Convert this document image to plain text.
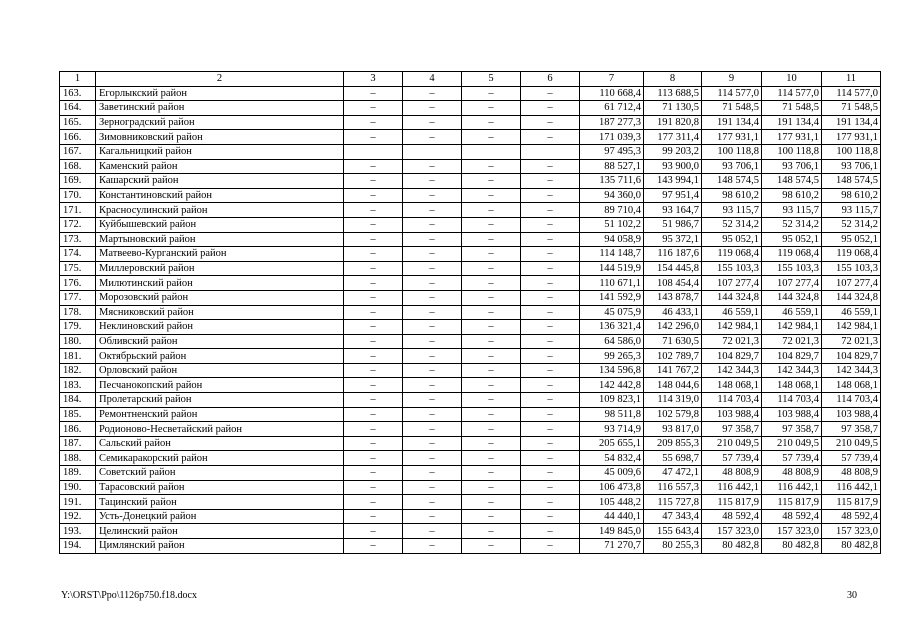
1	2	3	4	5	6	7	8	9	10	11
163.	Егорлыкский район	–	–	–	–	110 668,4	113 688,5	114 577,0	114 577,0	114 577,0
164.	Заветинский район	–	–	–	–	61 712,4	71 130,5	71 548,5	71 548,5	71 548,5
165.	Зерноградский район	–	–	–	–	187 277,3	191 820,8	191 134,4	191 134,4	191 134,4
166.	Зимовниковский район	–	–	–	–	171 039,3	177 311,4	177 931,1	177 931,1	177 931,1
167.	Кагальницкий район					97 495,3	99 203,2	100 118,8	100 118,8	100 118,8
168.	Каменский район	–	–	–	–	88 527,1	93 900,0	93 706,1	93 706,1	93 706,1
169.	Кашарский район	–	–	–	–	135 711,6	143 994,1	148 574,5	148 574,5	148 574,5
170.	Константиновский район	–	–	–	–	94 360,0	97 951,4	98 610,2	98 610,2	98 610,2
171.	Красносулинский район	–	–	–	–	89 710,4	93 164,7	93 115,7	93 115,7	93 115,7
172.	Куйбышевский район	–	–	–	–	51 102,2	51 986,7	52 314,2	52 314,2	52 314,2
173.	Мартыновский район	–	–	–	–	94 058,9	95 372,1	95 052,1	95 052,1	95 052,1
174.	Матвеево-Курганский район	–	–	–	–	114 148,7	116 187,6	119 068,4	119 068,4	119 068,4
175.	Миллеровский район	–	–	–	–	144 519,9	154 445,8	155 103,3	155 103,3	155 103,3
176.	Милютинский район	–	–	–	–	110 671,1	108 454,4	107 277,4	107 277,4	107 277,4
177.	Морозовский район	–	–	–	–	141 592,9	143 878,7	144 324,8	144 324,8	144 324,8
178.	Мясниковский район	–	–	–	–	45 075,9	46 433,1	46 559,1	46 559,1	46 559,1
179.	Неклиновский район	–	–	–	–	136 321,4	142 296,0	142 984,1	142 984,1	142 984,1
180.	Обливский район	–	–	–	–	64 586,0	71 630,5	72 021,3	72 021,3	72 021,3
181.	Октябрьский район	–	–	–	–	99 265,3	102 789,7	104 829,7	104 829,7	104 829,7
182.	Орловский район	–	–	–	–	134 596,8	141 767,2	142 344,3	142 344,3	142 344,3
183.	Песчанокопский район	–	–	–	–	142 442,8	148 044,6	148 068,1	148 068,1	148 068,1
184.	Пролетарский район	–	–	–	–	109 823,1	114 319,0	114 703,4	114 703,4	114 703,4
185.	Ремонтненский район	–	–	–	–	98 511,8	102 579,8	103 988,4	103 988,4	103 988,4
186.	Родионово-Несветайский район	–	–	–	–	93 714,9	93 817,0	97 358,7	97 358,7	97 358,7
187.	Сальский район	–	–	–	–	205 655,1	209 855,3	210 049,5	210 049,5	210 049,5
188.	Семикаракорский район	–	–	–	–	54 832,4	55 698,7	57 739,4	57 739,4	57 739,4
189.	Советский район	–	–	–	–	45 009,6	47 472,1	48 808,9	48 808,9	48 808,9
190.	Тарасовский район	–	–	–	–	106 473,8	116 557,3	116 442,1	116 442,1	116 442,1
191.	Тацинский район	–	–	–	–	105 448,2	115 727,8	115 817,9	115 817,9	115 817,9
192.	Усть-Донецкий район	–	–	–	–	44 440,1	47 343,4	48 592,4	48 592,4	48 592,4
193.	Целинский район	–	–	–	–	149 845,0	155 643,4	157 323,0	157 323,0	157 323,0
194.	Цимлянский район	–	–	–	–	71 270,7	80 255,3	80 482,8	80 482,8	80 482,8
Y:\ORST\Ppo\1126p750.f18.docx	30
